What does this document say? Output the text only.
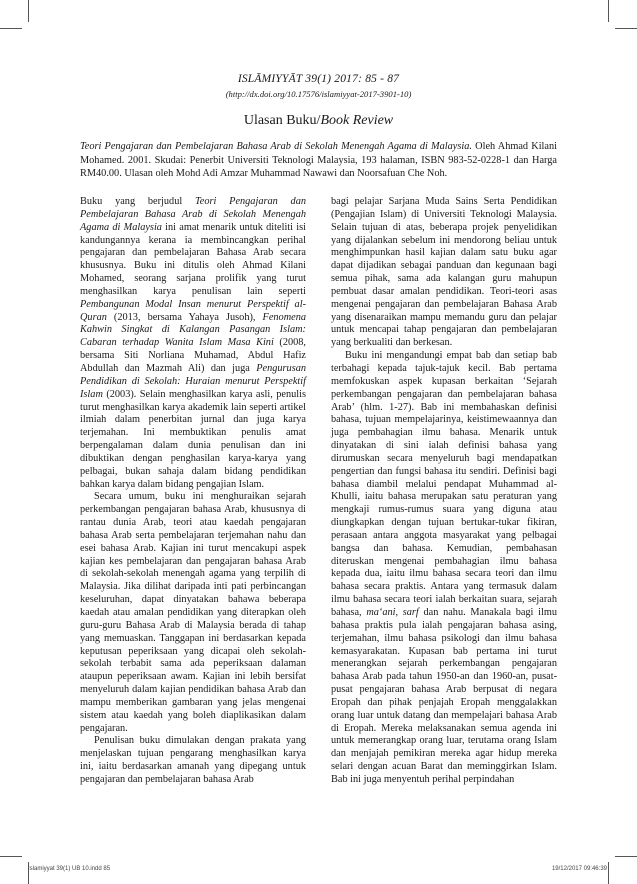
ISLĀMIYYĀT 39(1) 2017: 85 - 87
(http://dx.doi.org/10.17576/islamiyyat-2017-3901-10)
Ulasan Buku/Book Review
Teori Pengajaran dan Pembelajaran Bahasa Arab di Sekolah Menengah Agama di Malaysia. Oleh Ahmad Kilani Mohamed. 2001. Skudai: Penerbit Universiti Teknologi Malaysia, 193 halaman, ISBN 983-52-0228-1 dan Harga RM40.00. Ulasan oleh Mohd Adi Amzar Muhammad Nawawi dan Noorsafuan Che Noh.

Buku yang berjudul Teori Pengajaran dan Pembelajaran Bahasa Arab di Sekolah Menengah Agama di Malaysia ini amat menarik untuk diteliti isi kandungannya kerana ia membincangkan perihal pengajaran dan pembelajaran Bahasa Arab secara khususnya. Buku ini ditulis oleh Ahmad Kilani Mohamed, seorang sarjana prolifik yang turut menghasilkan karya penulisan lain seperti Pembangunan Modal Insan menurut Perspektif al-Quran (2013, bersama Yahaya Jusoh), Fenomena Kahwin Singkat di Kalangan Pasangan Islam: Cabaran terhadap Wanita Islam Masa Kini (2008, bersama Siti Norliana Muhamad, Abdul Hafiz Abdullah dan Mazmah Ali) dan juga Pengurusan Pendidikan di Sekolah: Huraian menurut Perspektif Islam (2003). Selain menghasilkan karya asli, penulis turut menghasilkan karya akademik lain seperti artikel ilmiah dalam penerbitan jurnal dan juga karya terjemahan. Ini membuktikan penulis amat berpengalaman dalam dunia penulisan dan ini dibuktikan dengan penghasilan karya-karya yang pelbagai, bukan sahaja dalam bidang pendidikan bahkan karya dalam bidang pengajian Islam.

Secara umum, buku ini menghuraikan sejarah perkembangan pengajaran bahasa Arab, khususnya di rantau dunia Arab, teori atau kaedah pengajaran bahasa Arab serta pembelajaran terjemahan nahu dan esei bahasa Arab. Kajian ini turut mencakupi aspek kajian kes pembelajaran dan pengajaran bahasa Arab di sekolah-sekolah menengah agama yang terpilih di Malaysia. Jika dilihat daripada inti pati perbincangan keseluruhan, dapat dinyatakan bahawa beberapa kaedah atau amalan pendidikan yang diterapkan oleh guru-guru Bahasa Arab di Malaysia berada di tahap yang memuaskan. Tanggapan ini berdasarkan kepada keputusan peperiksaan yang dicapai oleh sekolah-sekolah terbabit sama ada peperiksaan dalaman ataupun peperiksaan awam. Kajian ini lebih bersifat menyeluruh dalam kajian pendidikan bahasa Arab dan mampu memberikan gambaran yang jelas mengenai sistem atau kaedah yang boleh diaplikasikan dalam pengajaran.

Penulisan buku dimulakan dengan prakata yang menjelaskan tujuan pengarang menghasilkan karya ini, iaitu berdasarkan amanah yang dipegang untuk pengajaran dan pembelajaran bahasa Arab

bagi pelajar Sarjana Muda Sains Serta Pendidikan (Pengajian Islam) di Universiti Teknologi Malaysia. Selain tujuan di atas, beberapa projek penyelidikan yang dijalankan sebelum ini mendorong beliau untuk menghimpunkan hasil kajian dalam satu buku agar dapat dijadikan sebagai panduan dan kegunaan bagi semua pihak, sama ada kalangan guru mahupun pembuat dasar amalan pendidikan. Teori-teori asas mengenai pengajaran dan pembelajaran Bahasa Arab yang disenaraikan mampu memandu guru dan pelajar untuk mencapai tahap pengajaran dan pembelajaran yang berkualiti dan berkesan.

Buku ini mengandungi empat bab dan setiap bab terbahagi kepada tajuk-tajuk kecil. Bab pertama memfokuskan aspek kupasan berkaitan ‘Sejarah perkembangan pengajaran dan pembelajaran bahasa Arab’ (hlm. 1-27). Bab ini membahaskan definisi bahasa, tujuan mempelajarinya, keistimewaannya dan juga pembahagian ilmu bahasa. Menarik untuk dinyatakan di sini ialah definisi bahasa yang dirumuskan secara menyeluruh bagi mendapatkan pengertian dan fungsi bahasa itu sendiri. Definisi bagi bahasa diambil melalui pendapat Muhammad al-Khulli, iaitu bahasa merupakan satu peraturan yang mengkaji rumus-rumus suara yang diguna atau diungkapkan dengan tujuan bertukar-tukar fikiran, perasaan antara anggota masyarakat yang pelbagai bangsa dan bahasa. Kemudian, pembahasan diteruskan mengenai pembahagian ilmu bahasa kepada dua, iaitu ilmu bahasa secara teori dan ilmu bahasa secara praktis. Antara yang termasuk dalam ilmu bahasa secara teori ialah berkaitan suara, sejarah bahasa, ma‘ani, sarf dan nahu. Manakala bagi ilmu bahasa praktis pula ialah pengajaran bahasa asing, terjemahan, ilmu bahasa psikologi dan ilmu bahasa kemasyarakatan. Kupasan bab pertama ini turut menerangkan sejarah perkembangan pengajaran bahasa Arab pada tahun 1950-an dan 1960-an, pusat-pusat pengajaran bahasa Arab berpusat di negara Eropah dan pihak penjajah Eropah menggalakkan orang luar untuk datang dan mempelajari bahasa Arab di Eropah. Mereka melaksanakan semua agenda ini untuk memerangkap orang luar, terutama orang Islam dan menjajah pemikiran mereka agar hidup mereka selari dengan acuan Barat dan meminggirkan Islam. Bab ini juga menyentuh perihal perpindahan

Islamiyyat 39(1) UB 10.indd 85	19/12/2017 09:46:39
